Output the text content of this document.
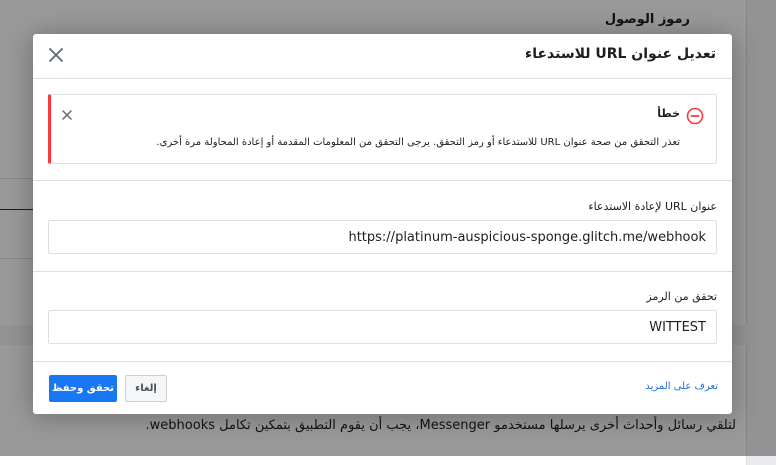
رموز الوصول
لتلقي رسائل وأحداث أخرى يرسلها مستخدمو Messenger، يجب أن يقوم التطبيق بتمكين تكامل webhooks.
تعديل عنوان URL للاستدعاء
خطأ
تعذر التحقق من صحة عنوان URL للاستدعاء أو رمز التحقق. يرجى التحقق من المعلومات المقدمة أو إعادة المحاولة مرة أخرى.
عنوان URL لإعادة الاستدعاء
https://platinum-auspicious-sponge.glitch.me/webhook
تحقق من الرمز
WITTEST
تحقق وحفظ	إلغاء	تعرف على المزيد
